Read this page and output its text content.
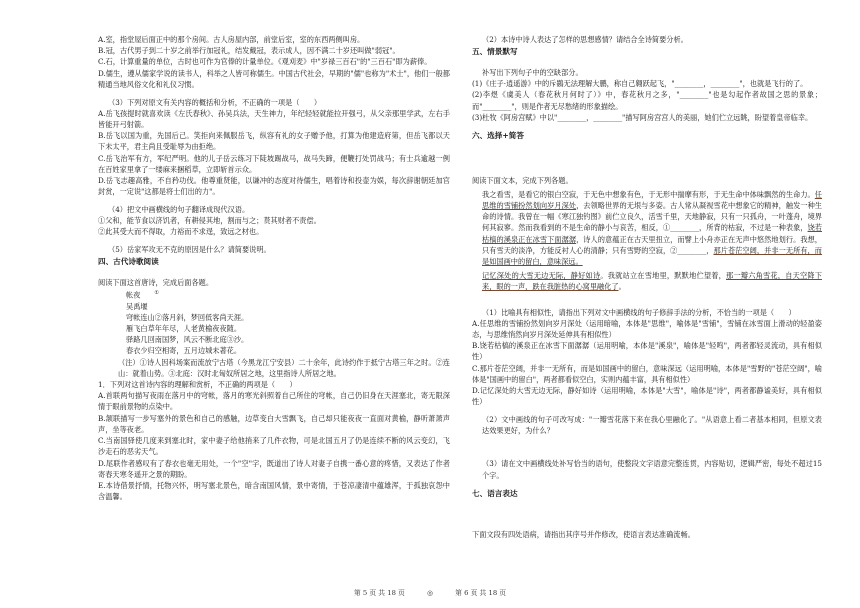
A.室，指堂屋后面正中的那个房间。古人房屋内部，前堂后室，室的东西两侧叫房。

B.冠，古代男子到二十岁之前举行加冠礼，结发戴冠，表示成人，因不满二十岁还叫做"弱冠"。

C.石，计算重量的单位，古时也可作为官俸的计量单位。《观刈麦》中"岁禄三百石"的"三百石"即为薪俸。

D.儒生，遵从儒家学说的读书人，科举之人皆可称儒生。中国古代社会，早期的"儒"也称为"术士"，他们一般都精通当地风俗文化和礼仪习惯。

（3）下列对原文有关内容的概括和分析，不正确的一项是（　　）

A.岳飞孩提时就喜欢读《左氏春秋》、孙吴兵法，天生神力，年纪轻轻就能拉开强弓，从父亲那里学武，左右手皆能开弓射箭。

B.岳飞以国为重，先国后己。笑拒向来佩服岳飞，纵容有礼的女子赠予他，打算为他建造府第，但岳飞都以天下未太平，君主尚且受耻辱为由拒绝。

C.岳飞治军有方，军纪严明。他的儿子岳云练习下陡坡踢战马，战马失蹄，便鞭打处罚战马；有士兵逾越一例在百姓家里拿了一缕麻来捆稻草，立即斩首示众。

D.岳飞志趣高雅，不自矜功伐。他尊重贤能，以谦冲的态度对待儒生，唱着诗和投壶为娱，每次辞谢朝廷加官封赏，一定说"这都是将士们出的力"。

（4）把文中画横线的句子翻译成现代汉语。

①父和，能节食以济饥者，有耕侵其地，割而与之；贳其财者不责偿。

②此其受大而不得取，力裕而不求逞，致远之材也。

（5）岳家军攻无不克的原因是什么？请简要说明。

四、古代诗歌阅读

阅读下面这首唐诗，完成后面各题。

帐夜	①

吴禹堰

穹帐连山②落月斜，梦回低客尚天涯。

雁飞白草年年尽，人老黄榆夜夜随。

驿路几回南国梦，风云不断北庭③沙。

春衣少归空相寄，五月边城未著花。

（注）①诗人因科场案而流放宁古塔（今黑龙江宁安县）二十余年，此诗约作于抵宁古塔三年之时。②连山：就着山势。③北庭：汉时北匈奴所居之地，这里指诗人所居之地。

1．下列对这首诗内容的理解和赏析，不正确的两项是（　　）

A.首联两句描写夜雨在落月中的穹帐，落月的寒光斜照着自己所住的穹帐，自己仍旧身在天涯塞北，寄无限深情于眼前景物的点染中。

B.颔联描写一步写塞外的景色和自己的感触，边草变白大雪飘飞，自己却只能夜夜一直面对黄榆，静听萧萧声声，坐等夜老。

C.当南国驿使几度来到塞北时，家中妻子给他捎来了几件衣物，可是北国五月了仍是连续不断的风云变幻，飞沙走石的恶劣天气。

D.尾联作者感叹有了春衣也毫无用处，一个"空"字，既道出了诗人对妻子自携一番心意的疼惜，又表达了作者寄春天寒冬遥开之景的期盼。

E.本诗借景抒情，托物兴怀，明写塞北景色，暗含南国风情，景中寄情，于苍凉凄清中蕴雄浑，于孤独哀怨中含温馨。

（2）本诗中诗人表达了怎样的思想感情？请结合全诗简要分析。

五、情景默写

补写出下列句子中的空缺部分。

(1)《庄子·逍遥游》中的斥鷃无法理解大鹏，称自己翱跃起飞，"________，________"，也就是飞行的了。

(2)李煜《虞美人（春花秋月何时了）》中，春花秋月之多，"________"也是勾起作者故国之思的景象；而"________"，则是作者无尽愁绪的形象描绘。

(3)杜牧《阿房宫赋》中以"________，________"描写阿房宫宫人的美丽，她们伫立远眺，盼望着皇帝临幸。

六、选择+简答

阅读下面文本，完成下列各题。

我之看雪，是看它的银白空寂，于无色中想象有色，于无形中揣摩有形，于无生命中体味飘然的生命力。任思维的雪铺扮然划向岁月深处，去领略世界的无垠与多姿。古人常从凝视雪花中想象它的精神，触发一种生命的诗情。我曾在一幅《寒江独钓图》前伫立良久，活雪千里，天地静寂，只有一只孤舟，一叶蓬舟，境界何其寂寥。然而我看到的不是生命的静小与哀苦，相反，①________，所背的枯寂，不过是一种表象，饶若枯槁的溪泉正在冰雪下面潺潺，诗人的意蕴正在古天里扭立，而譬上小舟亦正在无声中悠然地划行。我想，只有雪天的淡净，方能反衬人心的清静；只有雪野的空寂，②________，那片苍茫空阔，并非一无所有，而是如国画中的留白，意味深远。

记忆深处的大雪无边无际，静好如诗。我就站立在雪地里，默默地伫望着，那一瓣六角雪花，自天空降下来，眼的一声，跌在我脏热的心窝里融化了。

（1）比喻具有相似性，请指出下列对文中画横线的句子修辞手法的分析，不恰当的一项是（　　）

A.任思维的雪铺扮然划向岁月深处（运用暗喻，本体是"思维"，喻体是"雪铺"，雪铺在冰雪面上滑动的轻盈姿态，与思维悄然向岁月深处延伸具有相似性）

B.饶若枯槁的溪泉正在冰雪下面潺潺（运用明喻，本体是"溪泉"，喻体是"轻鸣"，两者都轻灵流动，具有相似性）

C.那片苍茫空阔，并非一无所有，而是如国画中的留白，意味深远（运用明喻，本体是"雪野的"苍茫空阔"，喻体是"国画中的留白"，两者都看似空白，实则内蕴丰富，具有相似性）

D.记忆深处的大雪无边无际，静好如诗（运用明喻，本体是"大雪"，喻体是"诗"，两者都静谧美好，具有相似性）

（2）文中画线的句子可改写成："一瓣雪花落下来在我心里融化了。"从语意上看二者基本相同，但原文表达效果更好，为什么？

（3）请在文中画横线处补写恰当的语句，使整段文字语意完整连贯，内容贴切，逻辑严密，每处不超过15个字。

七、语言表达

下面文段有四处语病，请指出其序号并作修改，使语言表达准确流畅。

第 5 页 共 18 页	◎	第 6 页 共 18 页
